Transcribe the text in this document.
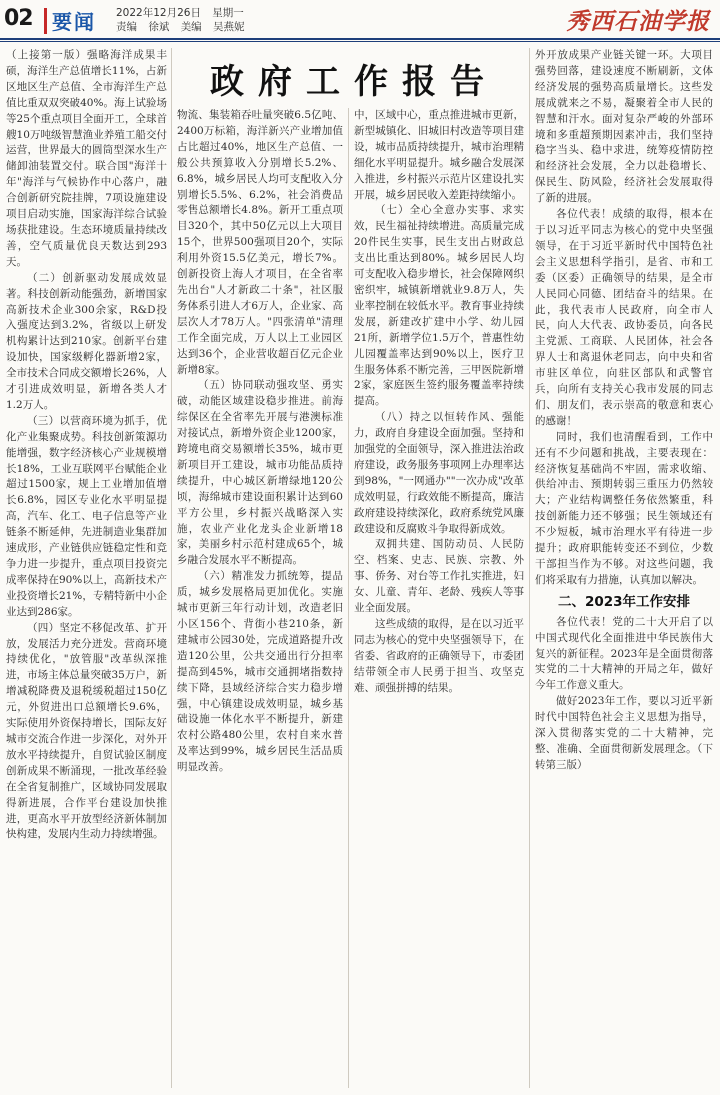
02 要闻 2022年12月26日 星期一
责编 徐斌 美编 吴燕妮	秀西石油学报
政府工作报告

（上接第一版）强略海洋成果丰硕，海洋生产总值增长11%，占新区地区生产总值、全市海洋生产总值比重双双突破40%。海上试验场等25个重点项目全面开工，全球首艘10万吨级智慧渔业养殖工船交付运营，世界最大的圆筒型深水生产储卸油装置交付。联合国"海洋十年"海洋与气候协作中心落户，融合创新研究院挂牌，7项设施建设项目启动实施，国家海洋综合试验场获批建设。生态环境质量持续改善，空气质量优良天数达到293天。

（二）创新驱动发展成效显著。科技创新动能强劲，新增国家高新技术企业300余家，R&D投入强度达到3.2%，省级以上研发机构累计达到210家。创新平台建设加快，国家级孵化器新增2家，全市技术合同成交额增长26%，人才引进成效明显，新增各类人才1.2万人。

（三）以营商环境为抓手，优化产业集聚成势。科技创新策源功能增强，数字经济核心产业规模增长18%，工业互联网平台赋能企业超过1500家，规上工业增加值增长6.8%，园区专业化水平明显提高，汽车、化工、电子信息等产业链条不断延伸，先进制造业集群加速成形，产业链供应链稳定性和竞争力进一步提升，重点项目投资完成率保持在90%以上，高新技术产业投资增长21%，专精特新中小企业达到286家。

（四）坚定不移促改革、扩开放，发展活力充分迸发。营商环境持续优化，"放管服"改革纵深推进，市场主体总量突破35万户，新增减税降费及退税缓税超过150亿元，外贸进出口总额增长9.6%，实际使用外资保持增长，国际友好城市交流合作进一步深化，对外开放水平持续提升，自贸试验区制度创新成果不断涌现，一批改革经验在全省复制推广，区域协同发展取得新进展，合作平台建设加快推进，更高水平开放型经济新体制加快构建，发展内生动力持续增强。

物流、集装箱吞吐量突破6.5亿吨、2400万标箱，海洋新兴产业增加值占比超过40%，地区生产总值、一般公共预算收入分别增长5.2%、6.8%，城乡居民人均可支配收入分别增长5.5%、6.2%，社会消费品零售总额增长4.8%。新开工重点项目320个，其中50亿元以上大项目15个，世界500强项目20个，实际利用外资15.5亿美元，增长7%。创新投资上海人才项目，在全省率先出台"人才新政二十条"，社区服务体系引进人才6万人，企业家、高层次人才78万人。"四张清单"清理工作全面完成，万人以上工业园区达到36个，企业营收超百亿元企业新增8家。

（五）协同联动强攻坚、勇实破，动能区域建设稳步推进。前海综保区在全省率先开展与港澳标准对接试点，新增外资企业1200家，跨境电商交易额增长35%，城市更新项目开工建设，城市功能品质持续提升，中心城区新增绿地120公顷，海绵城市建设面积累计达到60平方公里，乡村振兴战略深入实施，农业产业化龙头企业新增18家，美丽乡村示范村建成65个，城乡融合发展水平不断提高。

（六）精准发力抓统筹，提品质，城乡发展格局更加优化。实施城市更新三年行动计划，改造老旧小区156个、背街小巷210条，新建城市公园30处，完成道路提升改造120公里，公共交通出行分担率提高到45%，城市交通拥堵指数持续下降，县域经济综合实力稳步增强，中心镇建设成效明显，城乡基础设施一体化水平不断提升，新建农村公路480公里，农村自来水普及率达到99%，城乡居民生活品质明显改善。

中，区域中心，重点推进城市更新，新型城镇化、旧城旧村改造等项目建设，城市品质持续提升，城市治理精细化水平明显提升。城乡融合发展深入推进，乡村振兴示范片区建设扎实开展，城乡居民收入差距持续缩小。

（七）全心全意办实事、求实效，民生福祉持续增进。高质量完成20件民生实事，民生支出占财政总支出比重达到80%。城乡居民人均可支配收入稳步增长，社会保障网织密织牢，城镇新增就业9.8万人，失业率控制在较低水平。教育事业持续发展，新建改扩建中小学、幼儿园21所，新增学位1.5万个，普惠性幼儿园覆盖率达到90%以上，医疗卫生服务体系不断完善，三甲医院新增2家，家庭医生签约服务覆盖率持续提高。

（八）持之以恒转作风、强能力，政府自身建设全面加强。坚持和加强党的全面领导，深入推进法治政府建设，政务服务事项网上办理率达到98%，"一网通办""一次办成"改革成效明显，行政效能不断提高，廉洁政府建设持续深化，政府系统党风廉政建设和反腐败斗争取得新成效。

双拥共建、国防动员、人民防空、档案、史志、民族、宗教、外事、侨务、对台等工作扎实推进，妇女、儿童、青年、老龄、残疾人等事业全面发展。

这些成绩的取得，是在以习近平同志为核心的党中央坚强领导下，在省委、省政府的正确领导下，市委团结带领全市人民勇于担当、攻坚克难、顽强拼搏的结果。

外开放成果产业链关键一环。大项目强势回落，建设速度不断刷新，文体经济发展的强势高质量增长。这些发展成就来之不易，凝聚着全市人民的智慧和汗水。面对复杂严峻的外部环境和多重超预期因素冲击，我们坚持稳字当头、稳中求进，统筹疫情防控和经济社会发展，全力以赴稳增长、保民生、防风险，经济社会发展取得了新的进展。

各位代表！成绩的取得，根本在于以习近平同志为核心的党中央坚强领导，在于习近平新时代中国特色社会主义思想科学指引，是省、市和工委（区委）正确领导的结果，是全市人民同心同德、团结奋斗的结果。在此，我代表市人民政府，向全市人民，向人大代表、政协委员，向各民主党派、工商联、人民团体，社会各界人士和离退休老同志，向中央和省市驻区单位，向驻区部队和武警官兵，向所有支持关心我市发展的同志们、朋友们，表示崇高的敬意和衷心的感谢！

同时，我们也清醒看到，工作中还有不少问题和挑战，主要表现在：经济恢复基础尚不牢固，需求收缩、供给冲击、预期转弱三重压力仍然较大；产业结构调整任务依然繁重，科技创新能力还不够强；民生领域还有不少短板，城市治理水平有待进一步提升；政府职能转变还不到位，少数干部担当作为不够。对这些问题，我们将采取有力措施，认真加以解决。

二、2023年工作安排

各位代表！党的二十大开启了以中国式现代化全面推进中华民族伟大复兴的新征程。2023年是全面贯彻落实党的二十大精神的开局之年，做好今年工作意义重大。

做好2023年工作，要以习近平新时代中国特色社会主义思想为指导，深入贯彻落实党的二十大精神，完整、准确、全面贯彻新发展理念。（下转第三版）
